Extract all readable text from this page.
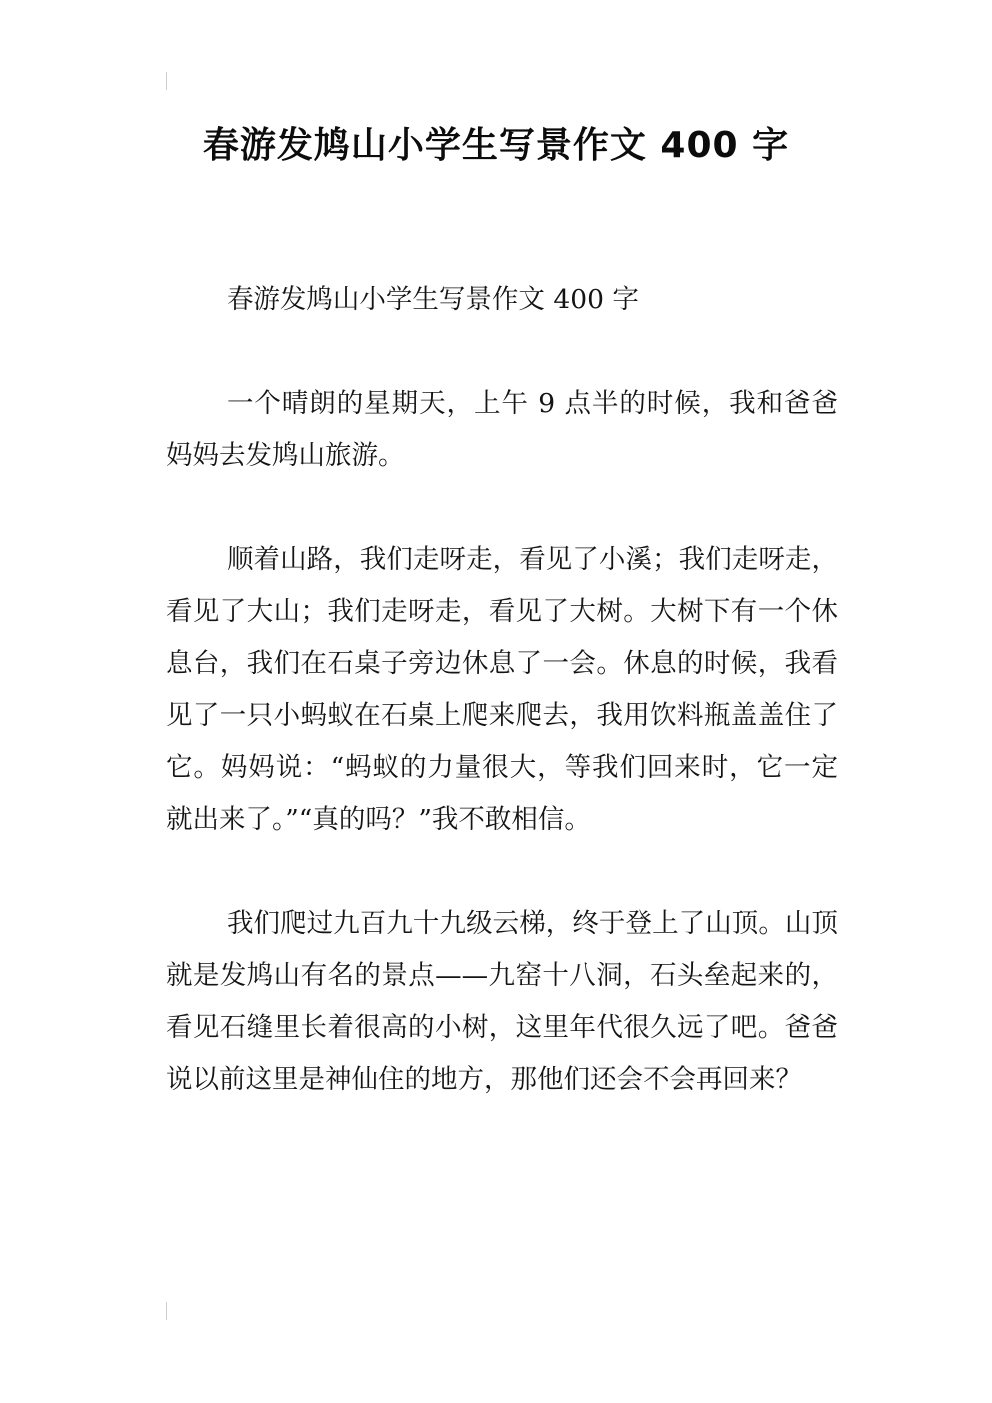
春游发鸠山小学生写景作文 400 字

春游发鸠山小学生写景作文 400 字

一个晴朗的星期天，上午 9 点半的时候，我和爸爸妈妈去发鸠山旅游。

顺着山路，我们走呀走，看见了小溪；我们走呀走，看见了大山；我们走呀走，看见了大树。大树下有一个休息台，我们在石桌子旁边休息了一会。休息的时候，我看见了一只小蚂蚁在石桌上爬来爬去，我用饮料瓶盖盖住了它。妈妈说：“蚂蚁的力量很大，等我们回来时，它一定就出来了。”“真的吗？”我不敢相信。

我们爬过九百九十九级云梯，终于登上了山顶。山顶就是发鸠山有名的景点——九窑十八洞，石头垒起来的，看见石缝里长着很高的小树，这里年代很久远了吧。爸爸说以前这里是神仙住的地方，那他们还会不会再回来？
